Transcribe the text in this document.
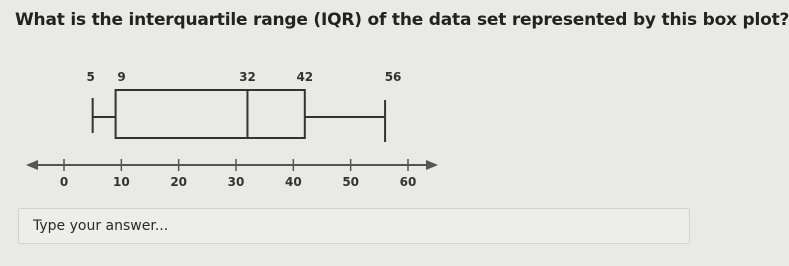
What is the interquartile range (IQR) of the data set represented by this box plot?
0	10	20	30	40	50	60
5 9	32	42	56
Type your answer...
